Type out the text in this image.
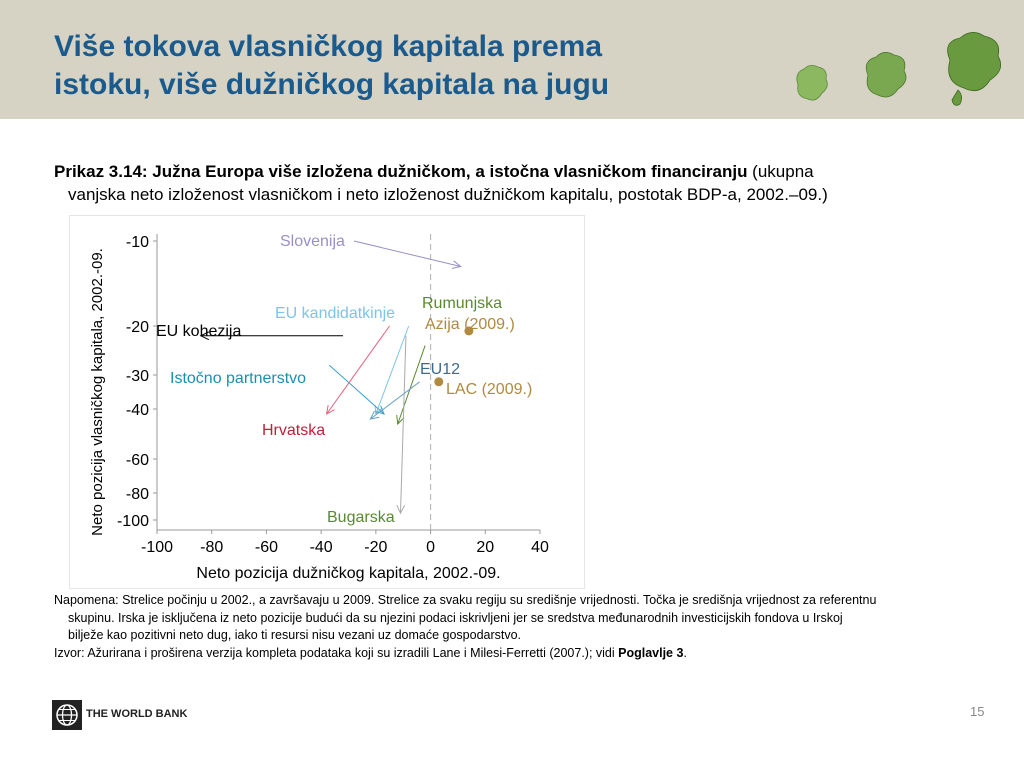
Više tokova vlasničkog kapitala prema
istoku, više dužničkog kapitala na jugu
Prikaz 3.14: Južna Europa više izložena dužničkom, a istočna vlasničkom financiranju (ukupna
vanjska neto izloženost vlasničkom i neto izloženost dužničkom kapitalu, postotak BDP-a, 2002.–09.)
-100 -80 -60 -40 -20 0	20 40
-10
-20
-30
-40
-60
-80
-100
Neto pozicija dužničkog kapitala, 2002.-09.
Neto pozicija vlasničkog kapitala, 2002.-09.
Slovenija
Rumunjska
EU kandidatkinje
Azija (2009.)
EU kohezija
EU12
Istočno partnerstvo
LAC (2009.)
Hrvatska
Bugarska

Napomena: Strelice počinju u 2002., a završavaju u 2009. Strelice za svaku regiju su središnje vrijednosti. Točka je središnja vrijednost za referentnu

skupinu. Irska je isključena iz neto pozicije budući da su njezini podaci iskrivljeni jer se sredstva međunarodnih investicijskih fondova u Irskoj

bilježe kao pozitivni neto dug, iako ti resursi nisu vezani uz domaće gospodarstvo.

Izvor: Ažurirana i proširena verzija kompleta podataka koji su izradili Lane i Milesi-Ferretti (2007.); vidi Poglavlje 3.

THE WORLD BANK	15
